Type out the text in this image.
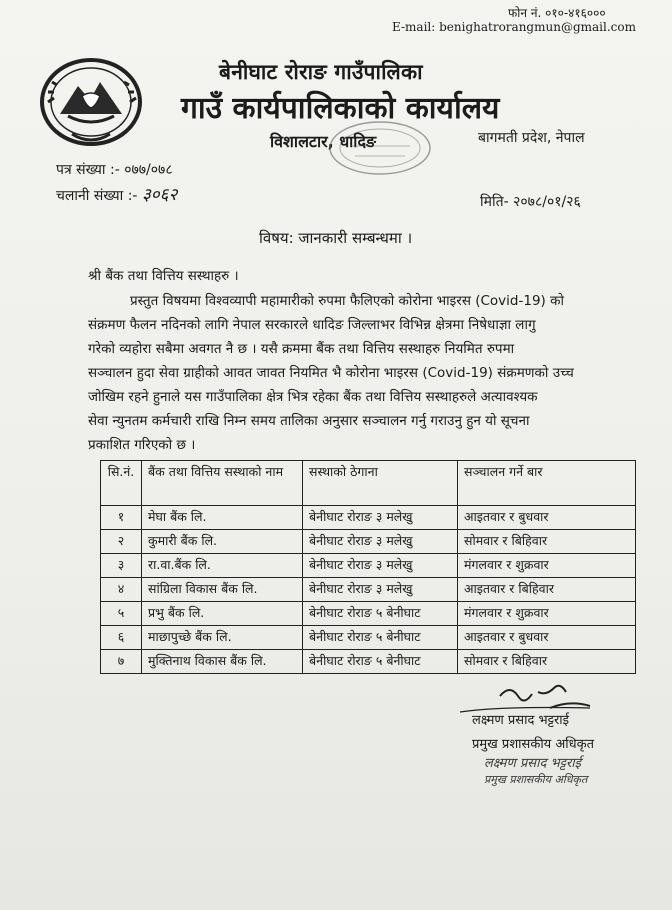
फोन नं. ०१०-४१६०००
E-mail: benighatrorangmun@gmail.com
बेनीघाट रोराङ गाउँपालिका
गाउँ कार्यपालिकाको कार्यालय
विशालटार, धादिङ	बागमती प्रदेश, नेपाल
पत्र संख्या :- ०७७/०७८
चलानी संख्या :- ३०६२	मिति- २०७८/०१/२६
विषय: जानकारी सम्बन्धमा ।
श्री बैंक तथा वित्तिय सस्थाहरु ।
प्रस्तुत विषयमा विश्वव्यापी महामारीको रुपमा फैलिएको कोरोना भाइरस (Covid-19) को
संक्रमण फैलन नदिनको लागि नेपाल सरकारले धादिङ जिल्लाभर विभिन्न क्षेत्रमा निषेधाज्ञा लागु
गरेको व्यहोरा सबैमा अवगत नै छ । यसै क्रममा बैंक तथा वित्तिय सस्थाहरु नियमित रुपमा
सञ्चालन हुदा सेवा ग्राहीको आवत जावत नियमित भै कोरोना भाइरस (Covid-19) संक्रमणको उच्च
जोखिम रहने हुनाले यस गाउँपालिका क्षेत्र भित्र रहेका बैंक तथा वित्तिय सस्थाहरुले अत्यावश्यक
सेवा न्युनतम कर्मचारी राखि निम्न समय तालिका अनुसार सञ्चालन गर्नु गराउनु हुन यो सूचना
प्रकाशित गरिएको छ ।
सि.नं.	बैंक तथा वित्तिय सस्थाको नाम	सस्थाको ठेगाना	सञ्चालन गर्ने बार
१	मेघा बैंक लि.	बेनीघाट रोराङ ३ मलेखु	आइतवार र बुधवार
२	कुमारी बैंक लि.	बेनीघाट रोराङ ३ मलेखु	सोमवार र बिहिवार
३	रा.वा.बैंक लि.	बेनीघाट रोराङ ३ मलेखु	मंगलवार र शुक्रवार
४	सांग्रिला विकास बैंक लि.	बेनीघाट रोराङ ३ मलेखु	आइतवार र बिहिवार
५	प्रभु बैंक लि.	बेनीघाट रोराङ ५ बेनीघाट	मंगलवार र शुक्रवार
६	माछापुच्छे बैंक लि.	बेनीघाट रोराङ ५ बेनीघाट	आइतवार र बुधवार
७	मुक्तिनाथ विकास बैंक लि.	बेनीघाट रोराङ ५ बेनीघाट	सोमवार र बिहिवार
लक्ष्मण प्रसाद भट्टराई
प्रमुख प्रशासकीय अधिकृत
लक्ष्मण प्रसाद भट्टराई
प्रमुख प्रशासकीय अधिकृत
